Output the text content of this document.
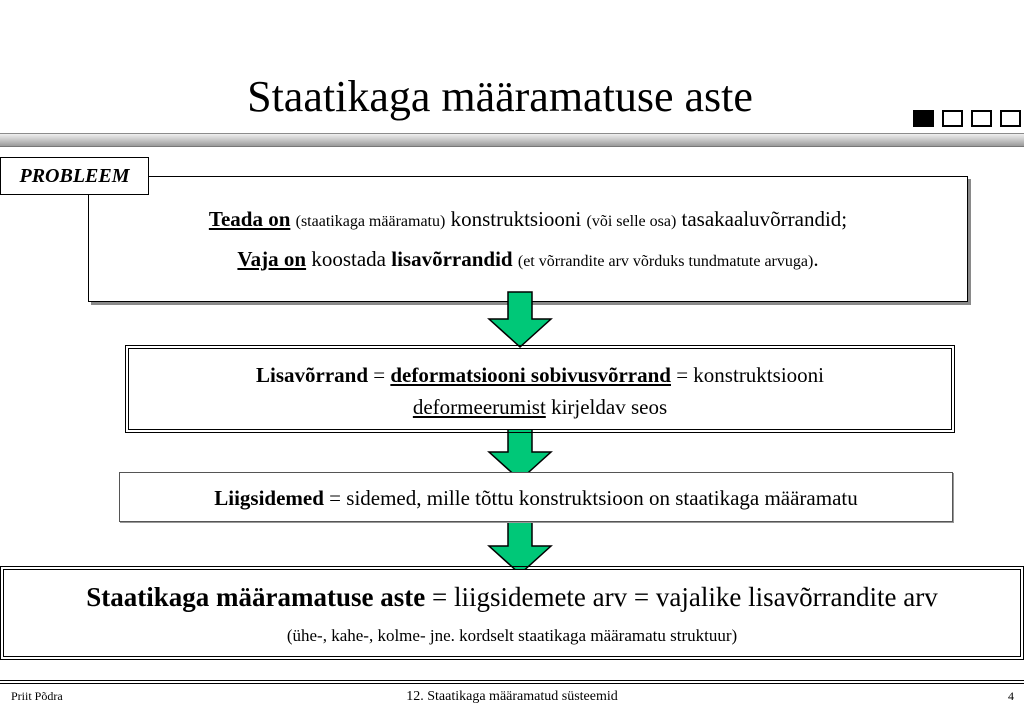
Staatikaga määramatuse aste
Teada on (staatikaga määramatu) konstruktsiooni (või selle osa) tasakaaluvõrrandid;
Vaja on koostada lisavõrrandid (et võrrandite arv võrduks tundmatute arvuga).
PROBLEEM
Lisavõrrand = deformatsiooni sobivusvõrrand = konstruktsiooni
deformeerumist kirjeldav seos
Liigsidemed = sidemed, mille tõttu konstruktsioon on staatikaga määramatu
Staatikaga määramatuse aste = liigsidemete arv = vajalike lisavõrrandite arv
(ühe-, kahe-, kolme- jne. kordselt staatikaga määramatu struktuur)
Priit Põdra	12. Staatikaga määramatud süsteemid	4
